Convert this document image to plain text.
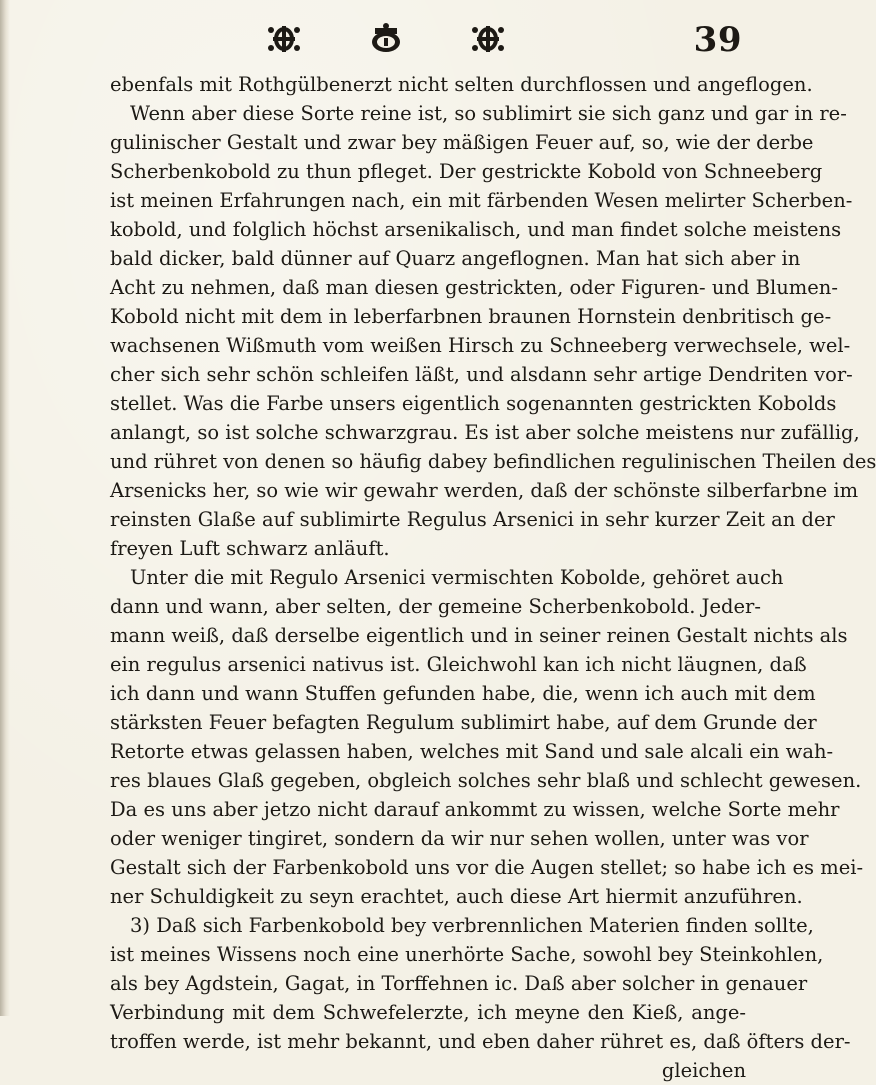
39
ebenfals mit Rothgülbenerzt nicht selten durchflossen und angeflogen.
Wenn aber diese Sorte reine ist, so sublimirt sie sich ganz und gar in re-
gulinischer Gestalt und zwar bey mäßigen Feuer auf, so, wie der derbe
Scherbenkobold zu thun pfleget. Der gestrickte Kobold von Schneeberg
ist meinen Erfahrungen nach, ein mit färbenden Wesen melirter Scherben-
kobold, und folglich höchst arsenikalisch, und man findet solche meistens
bald dicker, bald dünner auf Quarz angeflognen. Man hat sich aber in
Acht zu nehmen, daß man diesen gestrickten, oder Figuren- und Blumen-
Kobold nicht mit dem in leberfarbnen braunen Hornstein denbritisch ge-
wachsenen Wißmuth vom weißen Hirsch zu Schneeberg verwechsele, wel-
cher sich sehr schön schleifen läßt, und alsdann sehr artige Dendriten vor-
stellet. Was die Farbe unsers eigentlich sogenannten gestrickten Kobolds
anlangt, so ist solche schwarzgrau. Es ist aber solche meistens nur zufällig,
und rühret von denen so häufig dabey befindlichen regulinischen Theilen des
Arsenicks her, so wie wir gewahr werden, daß der schönste silberfarbne im
reinsten Glaße auf sublimirte Regulus Arsenici in sehr kurzer Zeit an der
freyen Luft schwarz anläuft.
Unter die mit Regulo Arsenici vermischten Kobolde, gehöret auch
dann und wann, aber selten, der gemeine Scherbenkobold. Jeder-
mann weiß, daß derselbe eigentlich und in seiner reinen Gestalt nichts als
ein regulus arsenici nativus ist. Gleichwohl kan ich nicht läugnen, daß
ich dann und wann Stuffen gefunden habe, die, wenn ich auch mit dem
stärksten Feuer befagten Regulum sublimirt habe, auf dem Grunde der
Retorte etwas gelassen haben, welches mit Sand und sale alcali ein wah-
res blaues Glaß gegeben, obgleich solches sehr blaß und schlecht gewesen.
Da es uns aber jetzo nicht darauf ankommt zu wissen, welche Sorte mehr
oder weniger tingiret, sondern da wir nur sehen wollen, unter was vor
Gestalt sich der Farbenkobold uns vor die Augen stellet; so habe ich es mei-
ner Schuldigkeit zu seyn erachtet, auch diese Art hiermit anzuführen.
3) Daß sich Farbenkobold bey verbrennlichen Materien finden sollte,
ist meines Wissens noch eine unerhörte Sache, sowohl bey Steinkohlen,
als bey Agdstein, Gagat, in Torffehnen ic. Daß aber solcher in genauer
Verbindung mit dem Schwefelerzte, ich meyne den Kieß, ange-
troffen werde, ist mehr bekannt, und eben daher rühret es, daß öfters der-
gleichen
